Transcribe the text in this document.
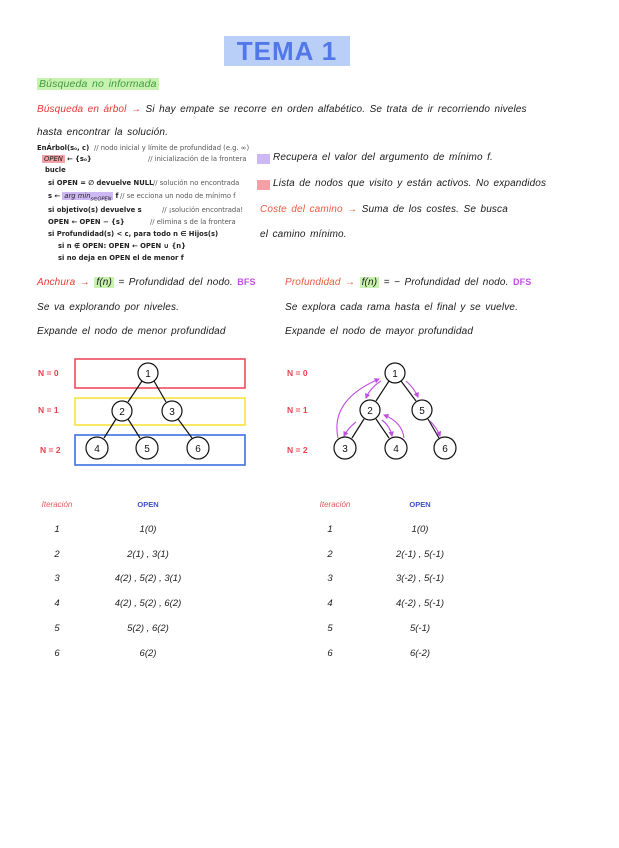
TEMA 1
Búsqueda no informada
Búsqueda en árbol → Si hay empate se recorre en orden alfabético. Se trata de ir recorriendo niveles
hasta encontrar la solución.
EnÁrbol(s₀, c) // nodo inicial y límite de profundidad (e.g. ∞)
OPEN ← {s₀}	// inicialización de la frontera
bucle
si OPEN = ∅ devuelve NULL // solución no encontrada
s ← arg $\min_{s\in OPEN} f$ // se ecciona un nodo de mínimo f
si objetivo(s) devuelve s	// ¡solución encontrada!
OPEN ← OPEN − {s}	// elimina s de la frontera
si Profundidad(s) < c, para todo n ∈ Hijos(s)
si n ∉ OPEN: OPEN ← OPEN ∪ {n}
si no deja en OPEN el de menor f
Recupera el valor del argumento de mínimo f.
Lista de nodos que visito y están activos. No expandidos
Coste del camino → Suma de los costes. Se busca
el camino mínimo.
Anchura → f(n) = Profundidad del nodo. BFS
Se va explorando por niveles.
Expande el nodo de menor profundidad
Profundidad → f(n) = − Profundidad del nodo. DFS
Se explora cada rama hasta el final y se vuelve.
Expande el nodo de mayor profundidad
N = 0
N = 1
N = 2
1
2	3
4	5	6
N = 0
N = 1
N = 2
1
2	5
3	4	6
Iteración	OPEN
1	1(0)
2	2(1) , 3(1)
3	4(2) , 5(2) , 3(1)
4	4(2) , 5(2) , 6(2)
5	5(2) , 6(2)
6	6(2)
Iteración	OPEN
1	1(0)
2	2(-1) , 5(-1)
3	3(-2) , 5(-1)
4	4(-2) , 5(-1)
5	5(-1)
6	6(-2)
